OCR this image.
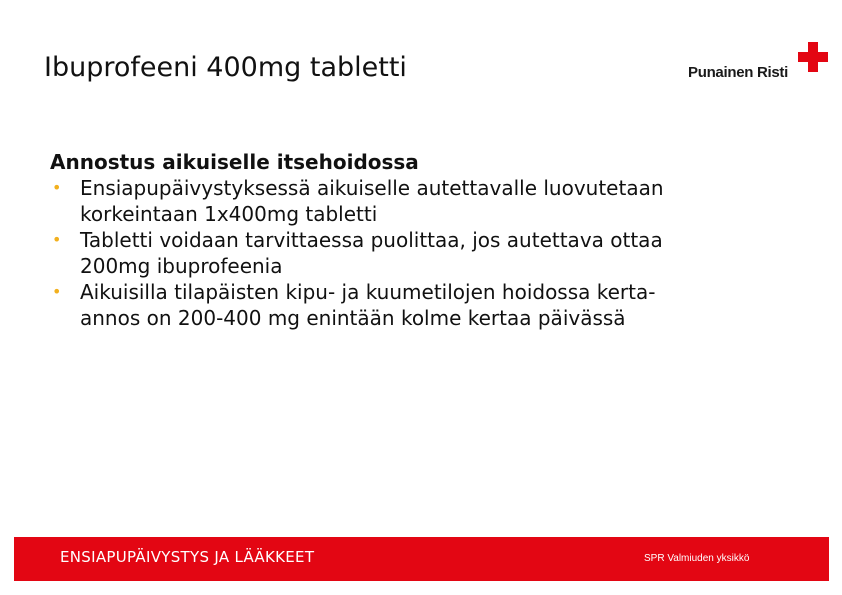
Ibuprofeeni 400mg tabletti	Punainen Risti

Annostus aikuiselle itsehoidossa

• Ensiapupäivystyksessä aikuiselle autettavalle luovutetaan
korkeintaan 1x400mg tabletti
• Tabletti voidaan tarvittaessa puolittaa, jos autettava ottaa
200mg ibuprofeenia
• Aikuisilla tilapäisten kipu- ja kuumetilojen hoidossa kerta-
annos on 200-400 mg enintään kolme kertaa päivässä
ENSIAPUPÄIVYSTYS JA LÄÄKKEET	SPR Valmiuden yksikkö
